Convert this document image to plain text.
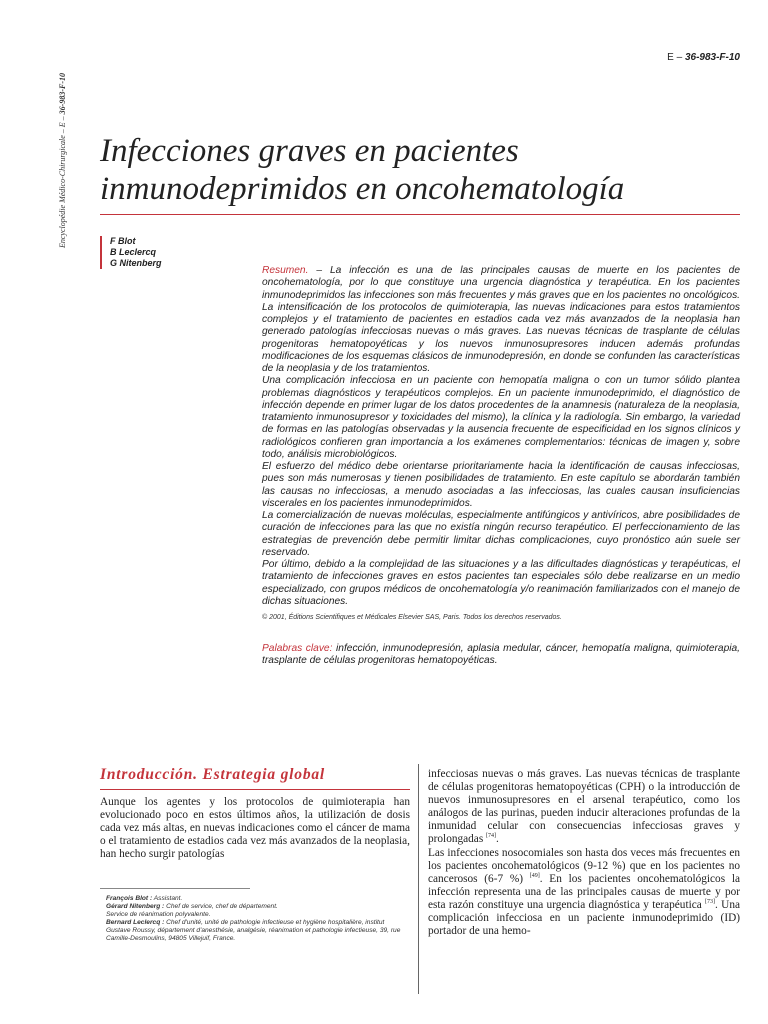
Encyclopédie Médico-Chirurgicale – E – 36-983-F-10
E – 36-983-F-10
Infecciones graves en pacientes
inmunodeprimidos en oncohematología
F Blot
B Leclercq
G Nitenberg

Resumen. – La infección es una de las principales causas de muerte en los pacientes de oncohematología, por lo que constituye una urgencia diagnóstica y terapéutica. En los pacientes inmunodeprimidos las infecciones son más frecuentes y más graves que en los pacientes no oncológicos. La intensificación de los protocolos de quimioterapia, las nuevas indicaciones para estos tratamientos complejos y el tratamiento de pacientes en estadios cada vez más avanzados de la neoplasia han generado patologías infecciosas nuevas o más graves. Las nuevas técnicas de trasplante de células progenitoras hematopoyéticas y los nuevos inmunosupresores inducen además profundas modificaciones de los esquemas clásicos de inmunodepresión, en donde se confunden las características de la neoplasia y de los tratamientos.

Una complicación infecciosa en un paciente con hemopatía maligna o con un tumor sólido plantea problemas diagnósticos y terapéuticos complejos. En un paciente inmunodeprimido, el diagnóstico de infección depende en primer lugar de los datos procedentes de la anamnesis (naturaleza de la neoplasia, tratamiento inmunosupresor y toxicidades del mismo), la clínica y la radiología. Sin embargo, la variedad de formas en las patologías observadas y la ausencia frecuente de especificidad en los signos clínicos y radiológicos confieren gran importancia a los exámenes complementarios: técnicas de imagen y, sobre todo, análisis microbiológicos.

El esfuerzo del médico debe orientarse prioritariamente hacia la identificación de causas infecciosas, pues son más numerosas y tienen posibilidades de tratamiento. En este capítulo se abordarán también las causas no infecciosas, a menudo asociadas a las infecciosas, las cuales causan insuficiencias viscerales en los pacientes inmunodeprimidos.

La comercialización de nuevas moléculas, especialmente antifúngicos y antivíricos, abre posibilidades de curación de infecciones para las que no existía ningún recurso terapéutico. El perfeccionamiento de las estrategias de prevención debe permitir limitar dichas complicaciones, cuyo pronóstico aún suele ser reservado.

Por último, debido a la complejidad de las situaciones y a las dificultades diagnósticas y terapéuticas, el tratamiento de infecciones graves en estos pacientes tan especiales sólo debe realizarse en un medio especializado, con grupos médicos de oncohematología y/o reanimación familiarizados con el manejo de dichas situaciones.

© 2001, Éditions Scientifiques et Médicales Elsevier SAS, Paris. Todos los derechos reservados.
Palabras clave: infección, inmunodepresión, aplasia medular, cáncer, hemopatía maligna, quimioterapia, trasplante de células progenitoras hematopoyéticas.
Introducción. Estrategia global
Aunque los agentes y los protocolos de quimioterapia han evolucionado poco en estos últimos años, la utilización de dosis cada vez más altas, en nuevas indicaciones como el cáncer de mama o el tratamiento de estadios cada vez más avanzados de la neoplasia, han hecho surgir patologías

infecciosas nuevas o más graves. Las nuevas técnicas de trasplante de células progenitoras hematopoyéticas (CPH) o la introducción de nuevos inmunosupresores en el arsenal terapéutico, como los análogos de las purinas, pueden inducir alteraciones profundas de la inmunidad celular con consecuencias infecciosas graves y prolongadas [74].

Las infecciones nosocomiales son hasta dos veces más frecuentes en los pacientes oncohematológicos (9-12 %) que en los pacientes no cancerosos (6-7 %) [49]. En los pacientes oncohematológicos la infección representa una de las principales causas de muerte y por esta razón constituye una urgencia diagnóstica y terapéutica [73]. Una complicación infecciosa en un paciente inmunodeprimido (ID) portador de una hemo-

François Blot : Assistant.

Gérard Nitenberg : Chef de service, chef de département.

Service de réanimation polyvalente.

Bernard Leclercq : Chef d'unité, unité de pathologie infectieuse et hygiène hospitalière, institut Gustave Roussy, département d'anesthésie, analgésie, réanimation et pathologie infectieuse, 39, rue Camille-Desmoulins, 94805 Villejuif, France.
